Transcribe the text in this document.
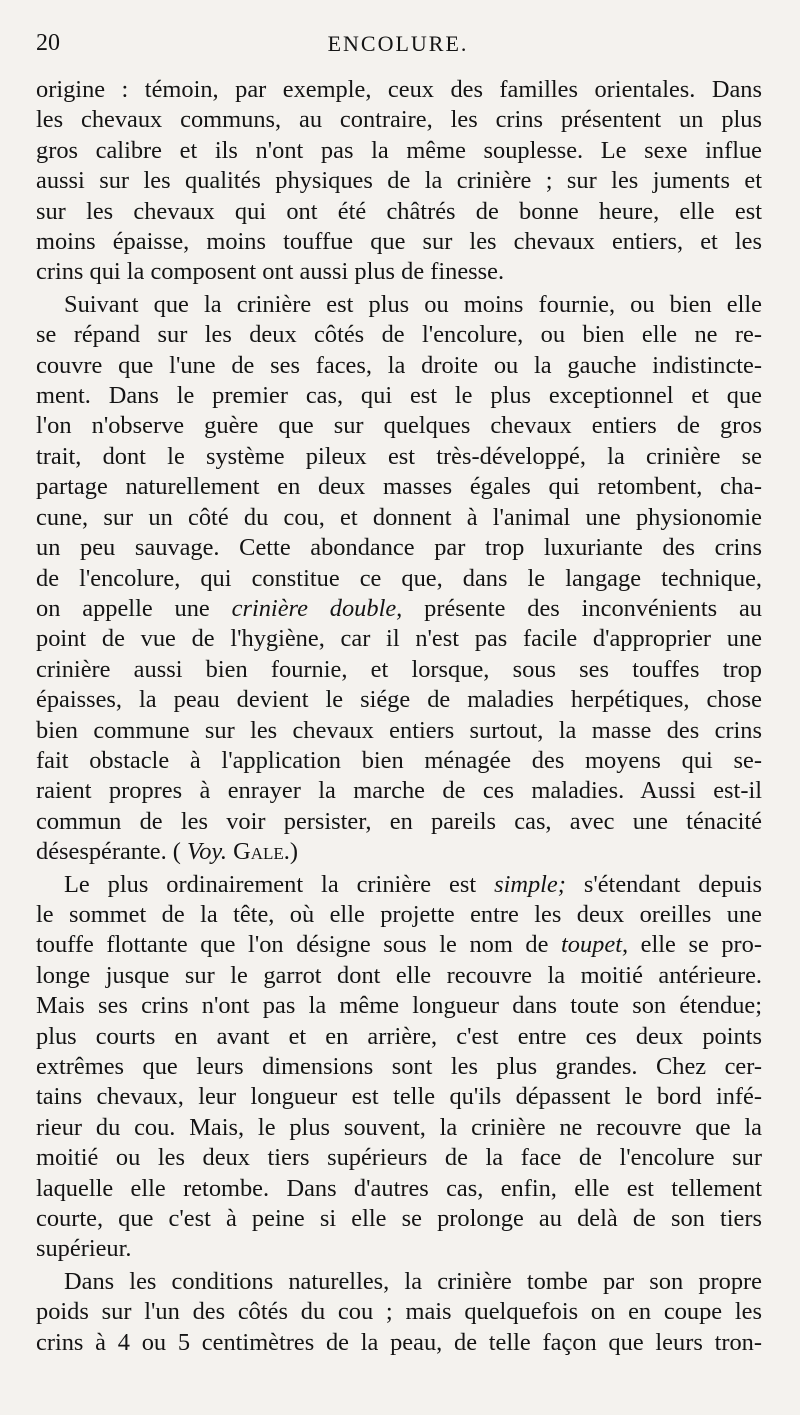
20	ENCOLURE.
origine : témoin, par exemple, ceux des familles orientales. Dans
les chevaux communs, au contraire, les crins présentent un plus
gros calibre et ils n'ont pas la même souplesse. Le sexe influe
aussi sur les qualités physiques de la crinière ; sur les juments et
sur les chevaux qui ont été châtrés de bonne heure, elle est
moins épaisse, moins touffue que sur les chevaux entiers, et les
crins qui la composent ont aussi plus de finesse.
Suivant que la crinière est plus ou moins fournie, ou bien elle
se répand sur les deux côtés de l'encolure, ou bien elle ne re-
couvre que l'une de ses faces, la droite ou la gauche indistincte-
ment. Dans le premier cas, qui est le plus exceptionnel et que
l'on n'observe guère que sur quelques chevaux entiers de gros
trait, dont le système pileux est très-développé, la crinière se
partage naturellement en deux masses égales qui retombent, cha-
cune, sur un côté du cou, et donnent à l'animal une physionomie
un peu sauvage. Cette abondance par trop luxuriante des crins
de l'encolure, qui constitue ce que, dans le langage technique,
on appelle une crinière double, présente des inconvénients au
point de vue de l'hygiène, car il n'est pas facile d'approprier une
crinière aussi bien fournie, et lorsque, sous ses touffes trop
épaisses, la peau devient le siége de maladies herpétiques, chose
bien commune sur les chevaux entiers surtout, la masse des crins
fait obstacle à l'application bien ménagée des moyens qui se-
raient propres à enrayer la marche de ces maladies. Aussi est-il
commun de les voir persister, en pareils cas, avec une ténacité
désespérante. ( Voy. Gale.)
Le plus ordinairement la crinière est simple; s'étendant depuis
le sommet de la tête, où elle projette entre les deux oreilles une
touffe flottante que l'on désigne sous le nom de toupet, elle se pro-
longe jusque sur le garrot dont elle recouvre la moitié antérieure.
Mais ses crins n'ont pas la même longueur dans toute son étendue;
plus courts en avant et en arrière, c'est entre ces deux points
extrêmes que leurs dimensions sont les plus grandes. Chez cer-
tains chevaux, leur longueur est telle qu'ils dépassent le bord infé-
rieur du cou. Mais, le plus souvent, la crinière ne recouvre que la
moitié ou les deux tiers supérieurs de la face de l'encolure sur
laquelle elle retombe. Dans d'autres cas, enfin, elle est tellement
courte, que c'est à peine si elle se prolonge au delà de son tiers
supérieur.
Dans les conditions naturelles, la crinière tombe par son propre
poids sur l'un des côtés du cou ; mais quelquefois on en coupe les
crins à 4 ou 5 centimètres de la peau, de telle façon que leurs tron-
